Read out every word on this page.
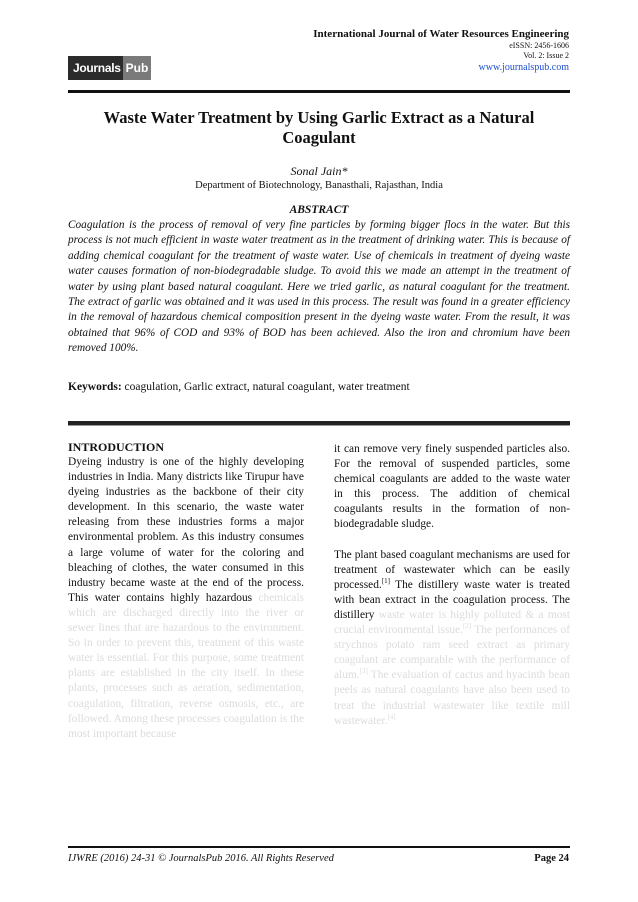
Journals Pub
International Journal of Water Resources Engineering
eISSN: 2456-1606
Vol. 2: Issue 2
www.journalspub.com
Waste Water Treatment by Using Garlic Extract as a Natural Coagulant
Sonal Jain*
Department of Biotechnology, Banasthali, Rajasthan, India
ABSTRACT

Coagulation is the process of removal of very fine particles by forming bigger flocs in the water. But this process is not much efficient in waste water treatment as in the treatment of drinking water. This is because of adding chemical coagulant for the treatment of waste water. Use of chemicals in treatment of dyeing waste water causes formation of non-biodegradable sludge. To avoid this we made an attempt in the treatment of water by using plant based natural coagulant. Here we tried garlic, as natural coagulant for the treatment. The extract of garlic was obtained and it was used in this process. The result was found in a greater efficiency in the removal of hazardous chemical composition present in the dyeing waste water. From the result, it was obtained that 96% of COD and 93% of BOD has been achieved. Also the iron and chromium have been removed 100%.

Keywords: coagulation, Garlic extract, natural coagulant, water treatment

INTRODUCTION

Dyeing industry is one of the highly developing industries in India. Many districts like Tirupur have dyeing industries as the backbone of their city development. In this scenario, the waste water releasing from these industries forms a major environmental problem. As this industry consumes a large volume of water for the coloring and bleaching of clothes, the water consumed in this industry became waste at the end of the process. This water contains highly hazardous chemicals which are discharged directly into the river or sewer lines that are hazardous to the environment. So in order to prevent this, treatment of this waste water is essential. For this purpose, some treatment plants are established in the city itself. In these plants, processes such as aeration, sedimentation, coagulation, filtration, reverse osmosis, etc., are followed. Among these processes coagulation is the most important because

it can remove very finely suspended particles also. For the removal of suspended particles, some chemical coagulants are added to the waste water in this process. The addition of chemical coagulants results in the formation of non-biodegradable sludge.

The plant based coagulant mechanisms are used for treatment of wastewater which can be easily processed.[1] The distillery waste water is treated with bean extract in the coagulation process. The distillery waste water is highly polluted & a most crucial environmental issue.[2] The performances of strychnos potato ram seed extract as primary coagulant are comparable with the performance of alum.[3] The evaluation of cactus and hyacinth bean peels as natural coagulants have also been used to treat the industrial wastewater like textile mill wastewater.[4]

IJWRE (2016) 24-31 © JournalsPub 2016. All Rights Reserved	Page 24
